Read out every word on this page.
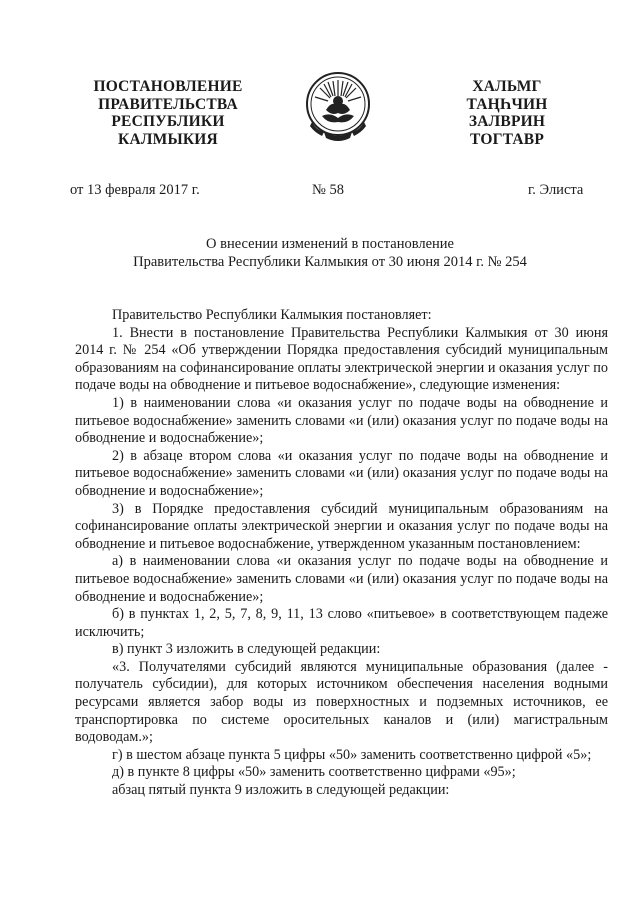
ПОСТАНОВЛЕНИЕ
ПРАВИТЕЛЬСТВА
РЕСПУБЛИКИ
КАЛМЫКИЯ
ХАЛЬМГ
ТАҢҺЧИН
ЗАЛВРИН
ТОГТАВР
от 13 февраля 2017 г.	№ 58	г. Элиста
О внесении изменений в постановление
Правительства Республики Калмыкия от 30 июня 2014 г. № 254

Правительство Республики Калмыкия постановляет:

1. Внести в постановление Правительства Республики Калмыкия от 30 июня 2014 г. № 254 «Об утверждении Порядка предоставления субсидий муниципальным образованиям на софинансирование оплаты электрической энергии и оказания услуг по подаче воды на обводнение и питьевое водоснабжение», следующие изменения:

1) в наименовании слова «и оказания услуг по подаче воды на обводнение и питьевое водоснабжение» заменить словами «и (или) оказания услуг по подаче воды на обводнение и водоснабжение»;

2) в абзаце втором слова «и оказания услуг по подаче воды на обводнение и питьевое водоснабжение» заменить словами «и (или) оказания услуг по подаче воды на обводнение и водоснабжение»;

3) в Порядке предоставления субсидий муниципальным образованиям на софинансирование оплаты электрической энергии и оказания услуг по подаче воды на обводнение и питьевое водоснабжение, утвержденном указанным постановлением:

а) в наименовании слова «и оказания услуг по подаче воды на обводнение и питьевое водоснабжение» заменить словами «и (или) оказания услуг по подаче воды на обводнение и водоснабжение»;

б) в пунктах 1, 2, 5, 7, 8, 9, 11, 13 слово «питьевое» в соответствующем падеже исключить;

в) пункт 3 изложить в следующей редакции:

«3. Получателями субсидий являются муниципальные образования (далее - получатель субсидии), для которых источником обеспечения населения водными ресурсами является забор воды из поверхностных и подземных источников, ее транспортировка по системе оросительных каналов и (или) магистральным водоводам.»;

г) в шестом абзаце пункта 5 цифры «50» заменить соответственно цифрой «5»;

д) в пункте 8 цифры «50» заменить соответственно цифрами «95»;

абзац пятый пункта 9 изложить в следующей редакции:
